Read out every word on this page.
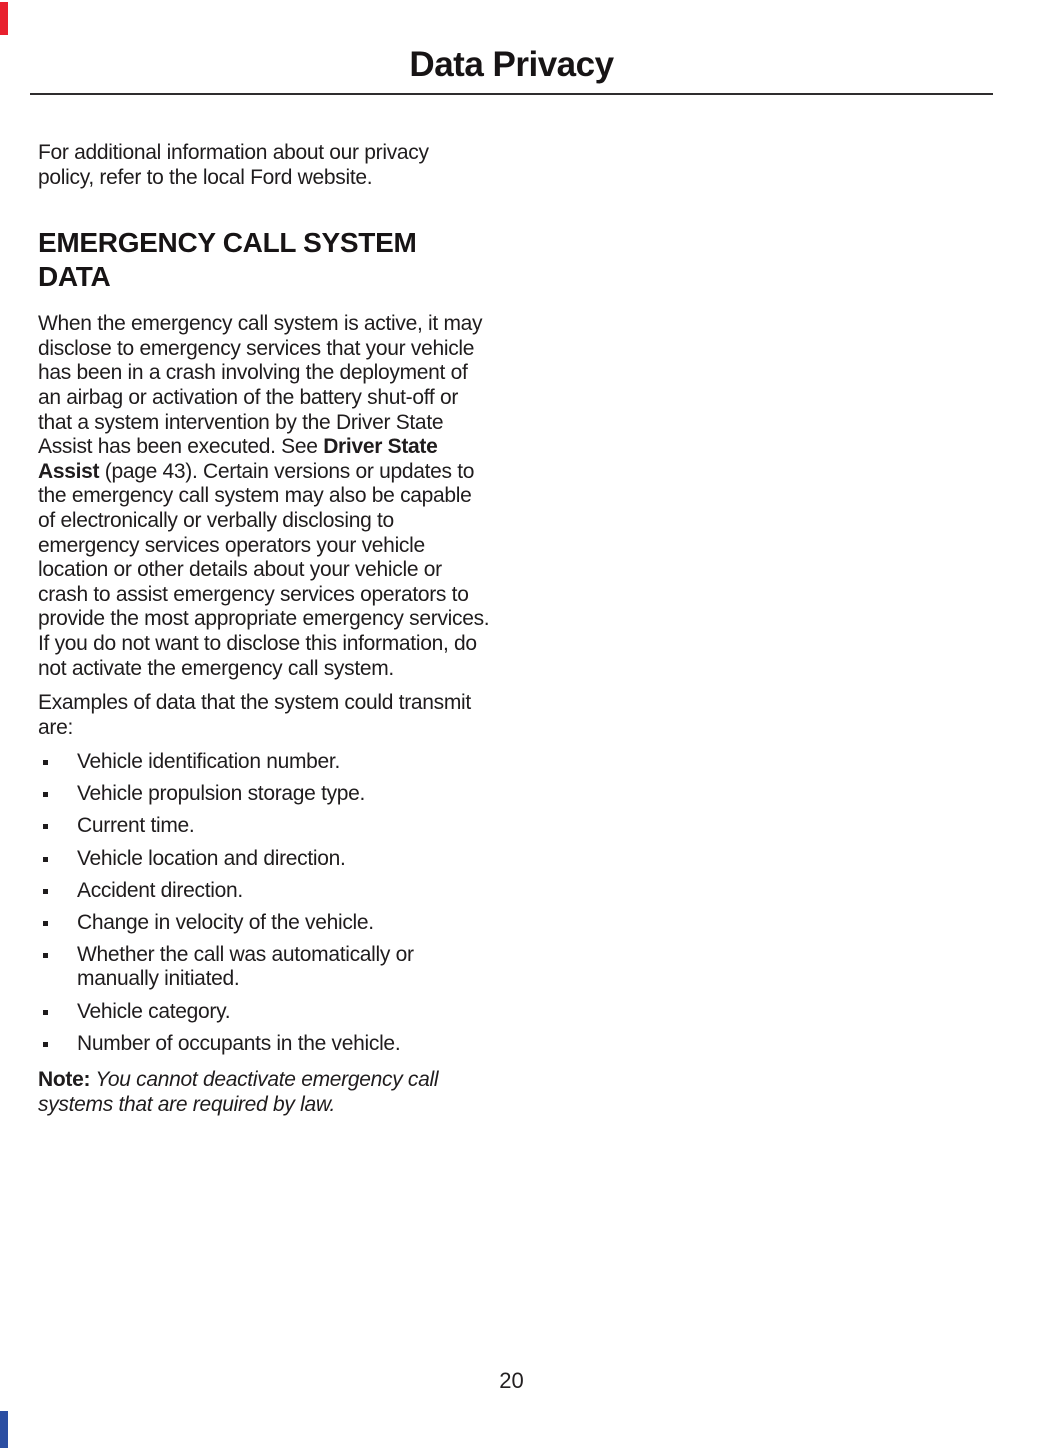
Data Privacy

For additional information about our privacy policy, refer to the local Ford website.

EMERGENCY CALL SYSTEM DATA

When the emergency call system is active, it may disclose to emergency services that your vehicle has been in a crash involving the deployment of an airbag or activation of the battery shut-off or that a system intervention by the Driver State Assist has been executed. See Driver State Assist (page 43). Certain versions or updates to the emergency call system may also be capable of electronically or verbally disclosing to emergency services operators your vehicle location or other details about your vehicle or crash to assist emergency services operators to provide the most appropriate emergency services. If you do not want to disclose this information, do not activate the emergency call system.

Examples of data that the system could transmit are:

Vehicle identification number.
Vehicle propulsion storage type.
Current time.
Vehicle location and direction.
Accident direction.
Change in velocity of the vehicle.
Whether the call was automatically or manually initiated.
Vehicle category.
Number of occupants in the vehicle.

Note: You cannot deactivate emergency call systems that are required by law.

20
